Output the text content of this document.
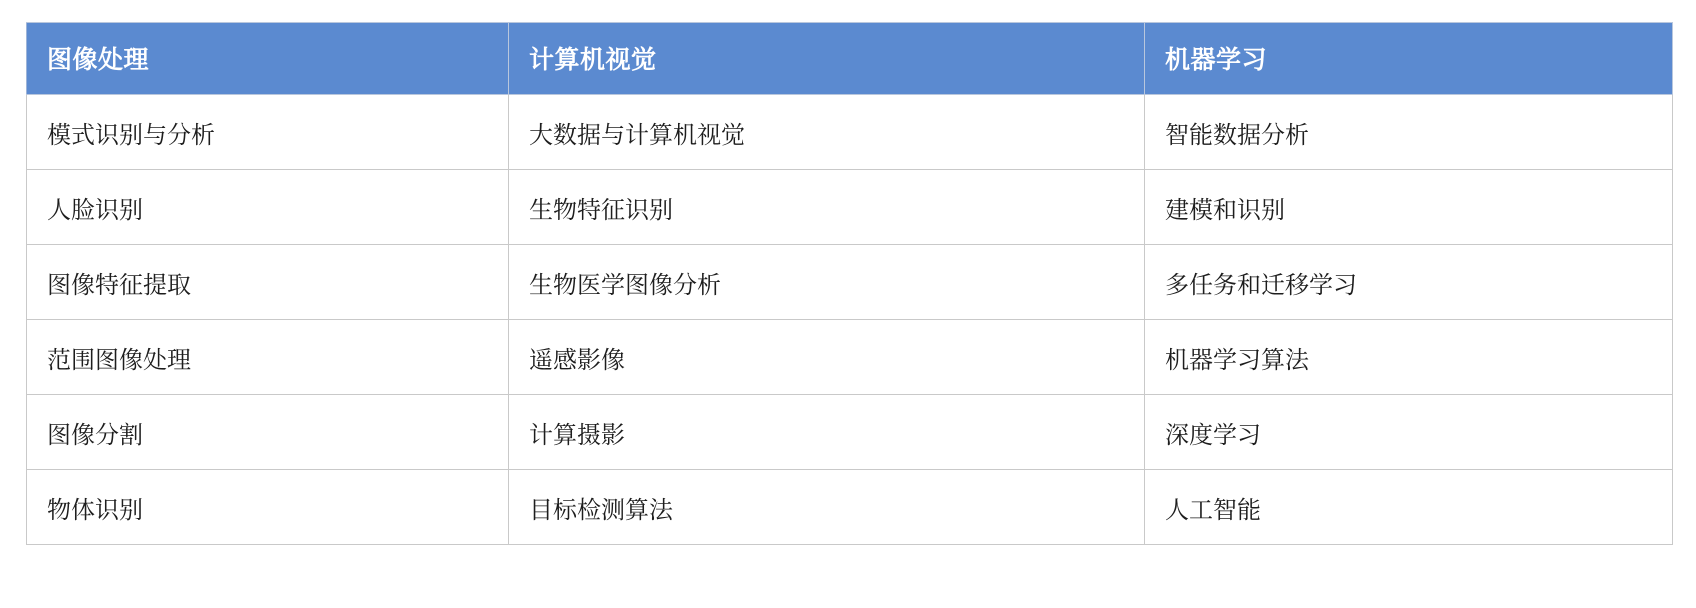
图像处理	计算机视觉	机器学习
模式识别与分析	大数据与计算机视觉	智能数据分析
人脸识别	生物特征识别	建模和识别
图像特征提取	生物医学图像分析	多任务和迁移学习
范围图像处理	遥感影像	机器学习算法
图像分割	计算摄影	深度学习
物体识别	目标检测算法	人工智能
